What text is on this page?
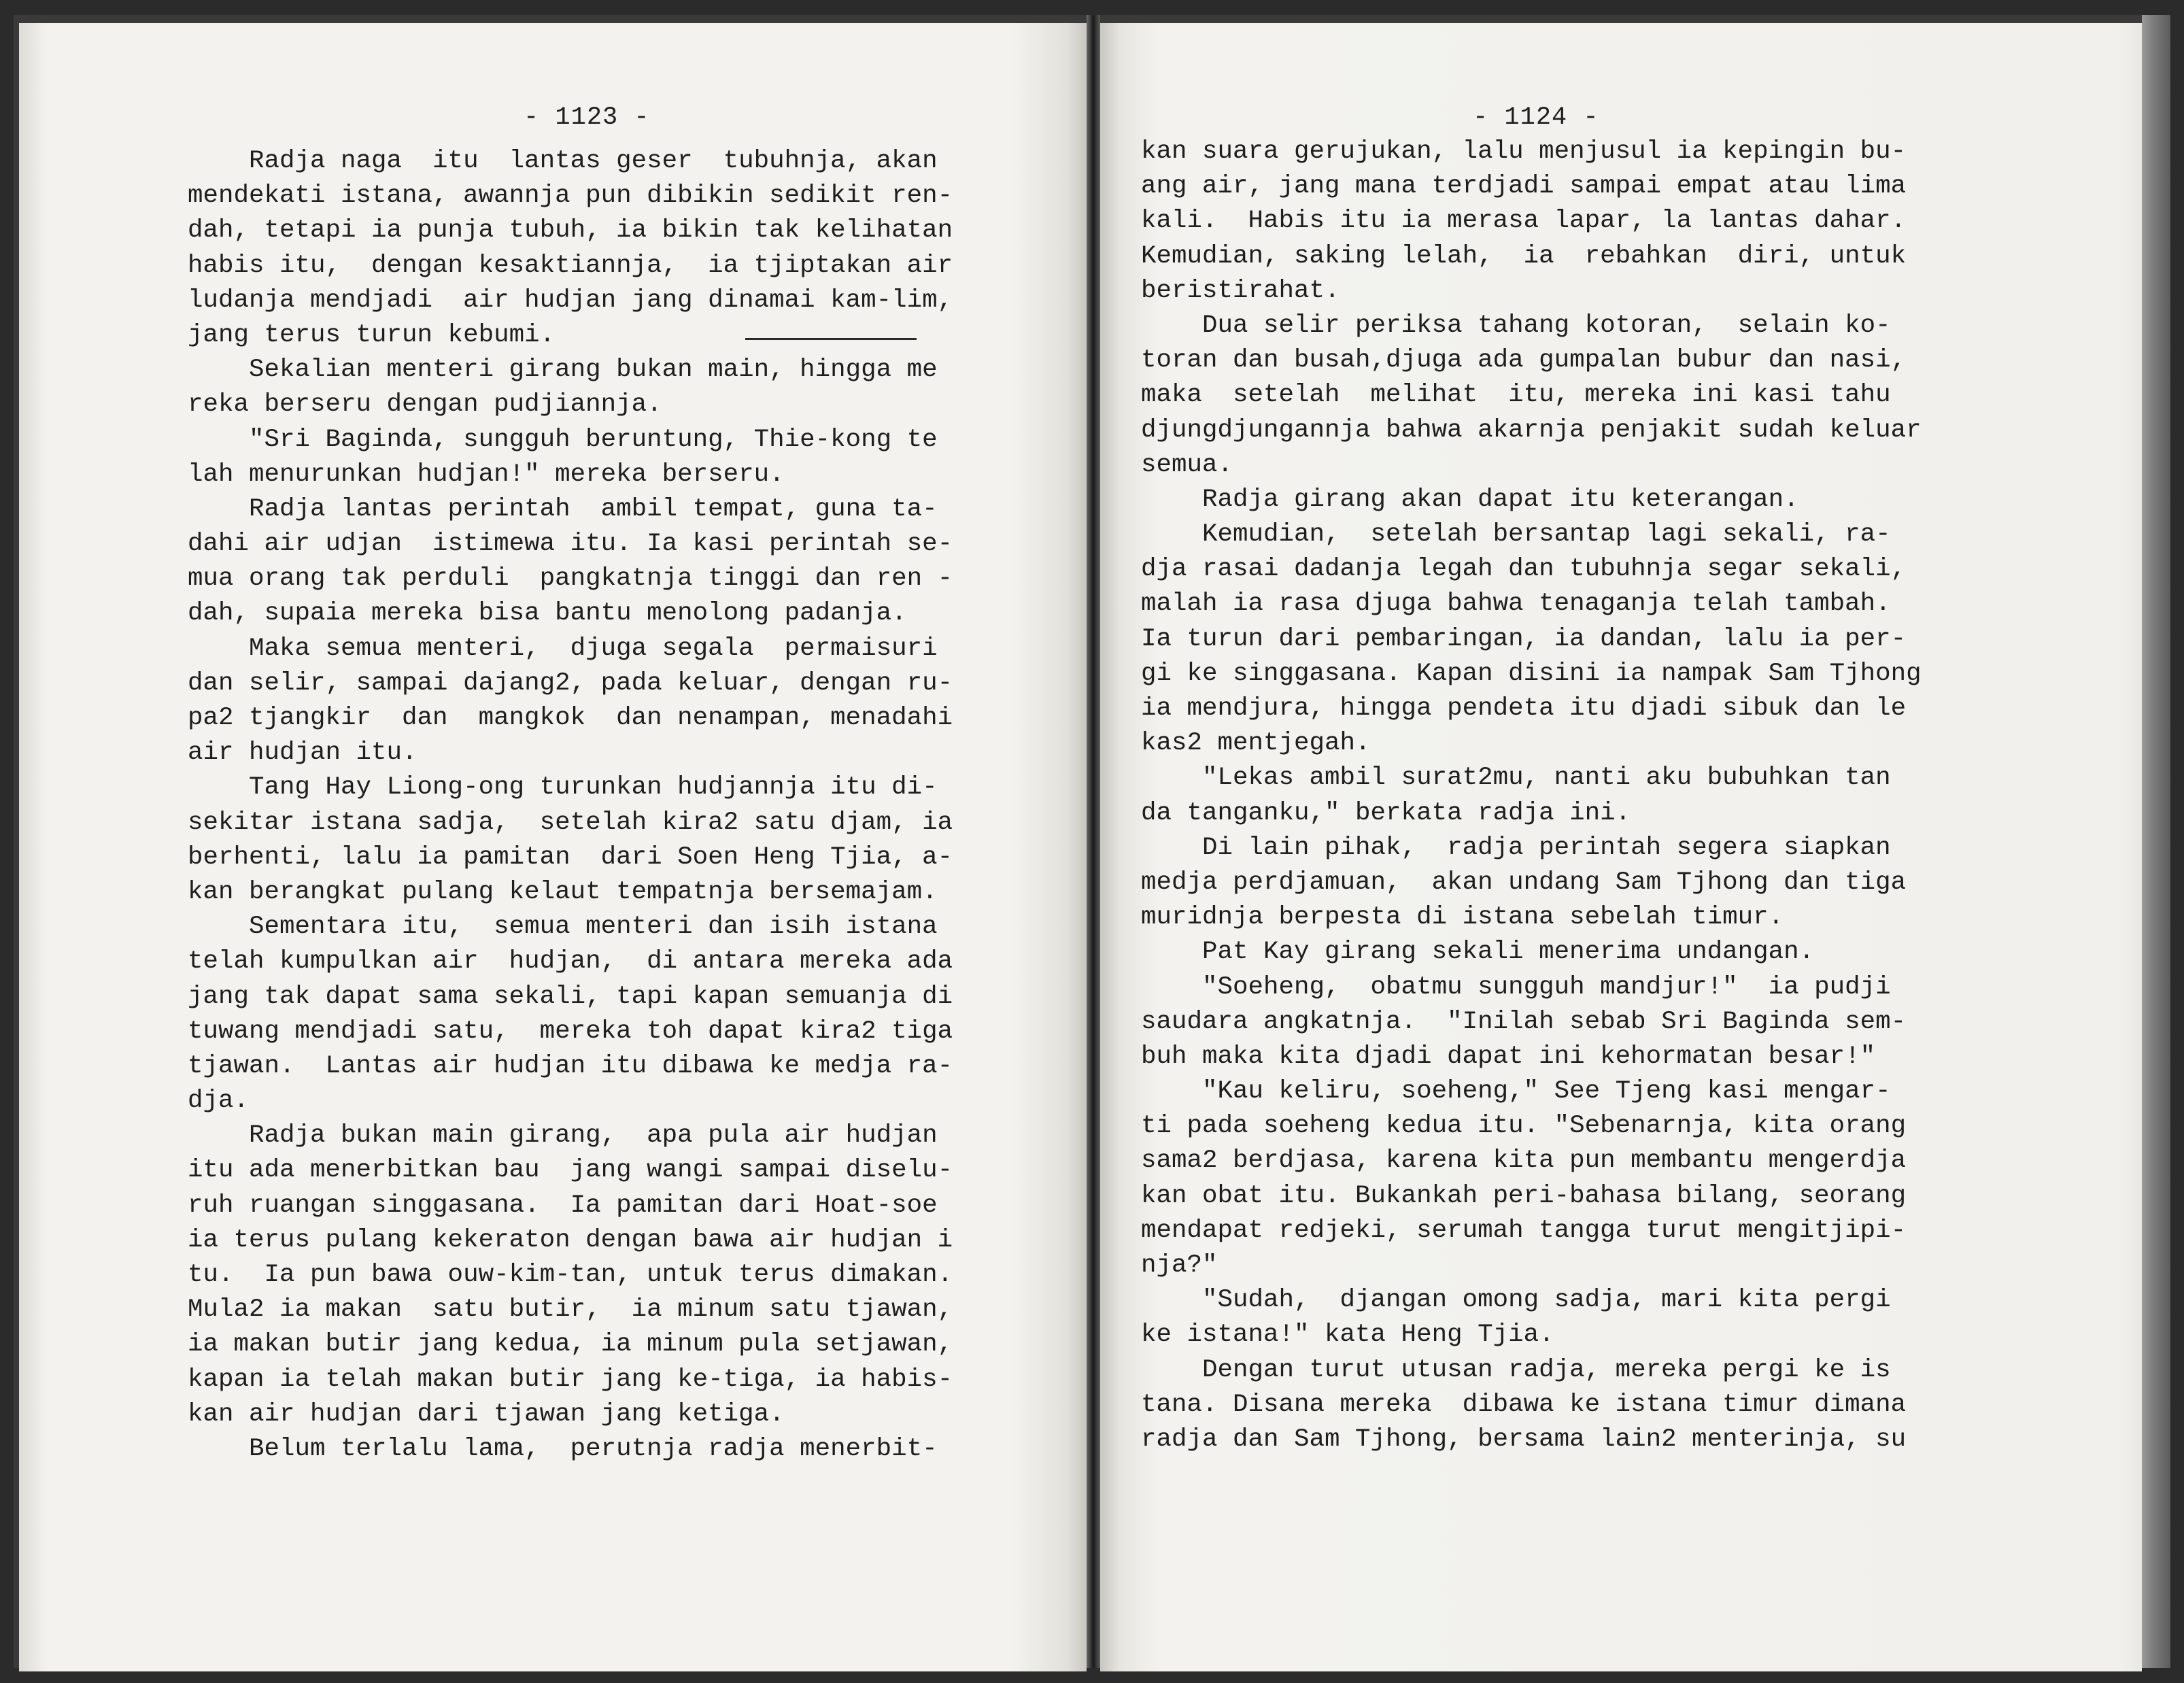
- 1123 -
Radja naga  itu  lantas geser  tubuhnja, akan
mendekati istana, awannja pun dibikin sedikit ren-
dah, tetapi ia punja tubuh, ia bikin tak kelihatan
habis itu,  dengan kesaktiannja,  ia tjiptakan air
ludanja mendjadi  air hudjan jang dinamai kam-lim,
jang terus turun kebumi.
Sekalian menteri girang bukan main, hingga me
reka berseru dengan pudjiannja.
"Sri Baginda, sungguh beruntung, Thie-kong te
lah menurunkan hudjan!" mereka berseru.
Radja lantas perintah  ambil tempat, guna ta-
dahi air udjan  istimewa itu. Ia kasi perintah se-
mua orang tak perduli  pangkatnja tinggi dan ren -
dah, supaia mereka bisa bantu menolong padanja.
Maka semua menteri,  djuga segala  permaisuri
dan selir, sampai dajang2, pada keluar, dengan ru-
pa2 tjangkir  dan  mangkok  dan nenampan, menadahi
air hudjan itu.
Tang Hay Liong-ong turunkan hudjannja itu di-
sekitar istana sadja,  setelah kira2 satu djam, ia
berhenti, lalu ia pamitan  dari Soen Heng Tjia, a-
kan berangkat pulang kelaut tempatnja bersemajam.
Sementara itu,  semua menteri dan isih istana
telah kumpulkan air  hudjan,  di antara mereka ada
jang tak dapat sama sekali, tapi kapan semuanja di
tuwang mendjadi satu,  mereka toh dapat kira2 tiga
tjawan.  Lantas air hudjan itu dibawa ke medja ra-
dja.
Radja bukan main girang,  apa pula air hudjan
itu ada menerbitkan bau  jang wangi sampai diselu-
ruh ruangan singgasana.  Ia pamitan dari Hoat-soe
ia terus pulang kekeraton dengan bawa air hudjan i
tu.  Ia pun bawa ouw-kim-tan, untuk terus dimakan.
Mula2 ia makan  satu butir,  ia minum satu tjawan,
ia makan butir jang kedua, ia minum pula setjawan,
kapan ia telah makan butir jang ke-tiga, ia habis-
kan air hudjan dari tjawan jang ketiga.
Belum terlalu lama,  perutnja radja menerbit-
- 1124 -
kan suara gerujukan, lalu menjusul ia kepingin bu-
ang air, jang mana terdjadi sampai empat atau lima
kali.  Habis itu ia merasa lapar, la lantas dahar.
Kemudian, saking lelah,  ia  rebahkan  diri, untuk
beristirahat.
Dua selir periksa tahang kotoran,  selain ko-
toran dan busah,djuga ada gumpalan bubur dan nasi,
maka  setelah  melihat  itu, mereka ini kasi tahu
djungdjungannja bahwa akarnja penjakit sudah keluar
semua.
Radja girang akan dapat itu keterangan.
Kemudian,  setelah bersantap lagi sekali, ra-
dja rasai dadanja legah dan tubuhnja segar sekali,
malah ia rasa djuga bahwa tenaganja telah tambah.
Ia turun dari pembaringan, ia dandan, lalu ia per-
gi ke singgasana. Kapan disini ia nampak Sam Tjhong
ia mendjura, hingga pendeta itu djadi sibuk dan le
kas2 mentjegah.
"Lekas ambil surat2mu, nanti aku bubuhkan tan
da tanganku," berkata radja ini.
Di lain pihak,  radja perintah segera siapkan
medja perdjamuan,  akan undang Sam Tjhong dan tiga
muridnja berpesta di istana sebelah timur.
Pat Kay girang sekali menerima undangan.
"Soeheng,  obatmu sungguh mandjur!"  ia pudji
saudara angkatnja.  "Inilah sebab Sri Baginda sem-
buh maka kita djadi dapat ini kehormatan besar!"
"Kau keliru, soeheng," See Tjeng kasi mengar-
ti pada soeheng kedua itu. "Sebenarnja, kita orang
sama2 berdjasa, karena kita pun membantu mengerdja
kan obat itu. Bukankah peri-bahasa bilang, seorang
mendapat redjeki, serumah tangga turut mengitjipi-
nja?"
"Sudah,  djangan omong sadja, mari kita pergi
ke istana!" kata Heng Tjia.
Dengan turut utusan radja, mereka pergi ke is
tana. Disana mereka  dibawa ke istana timur dimana
radja dan Sam Tjhong, bersama lain2 menterinja, su
